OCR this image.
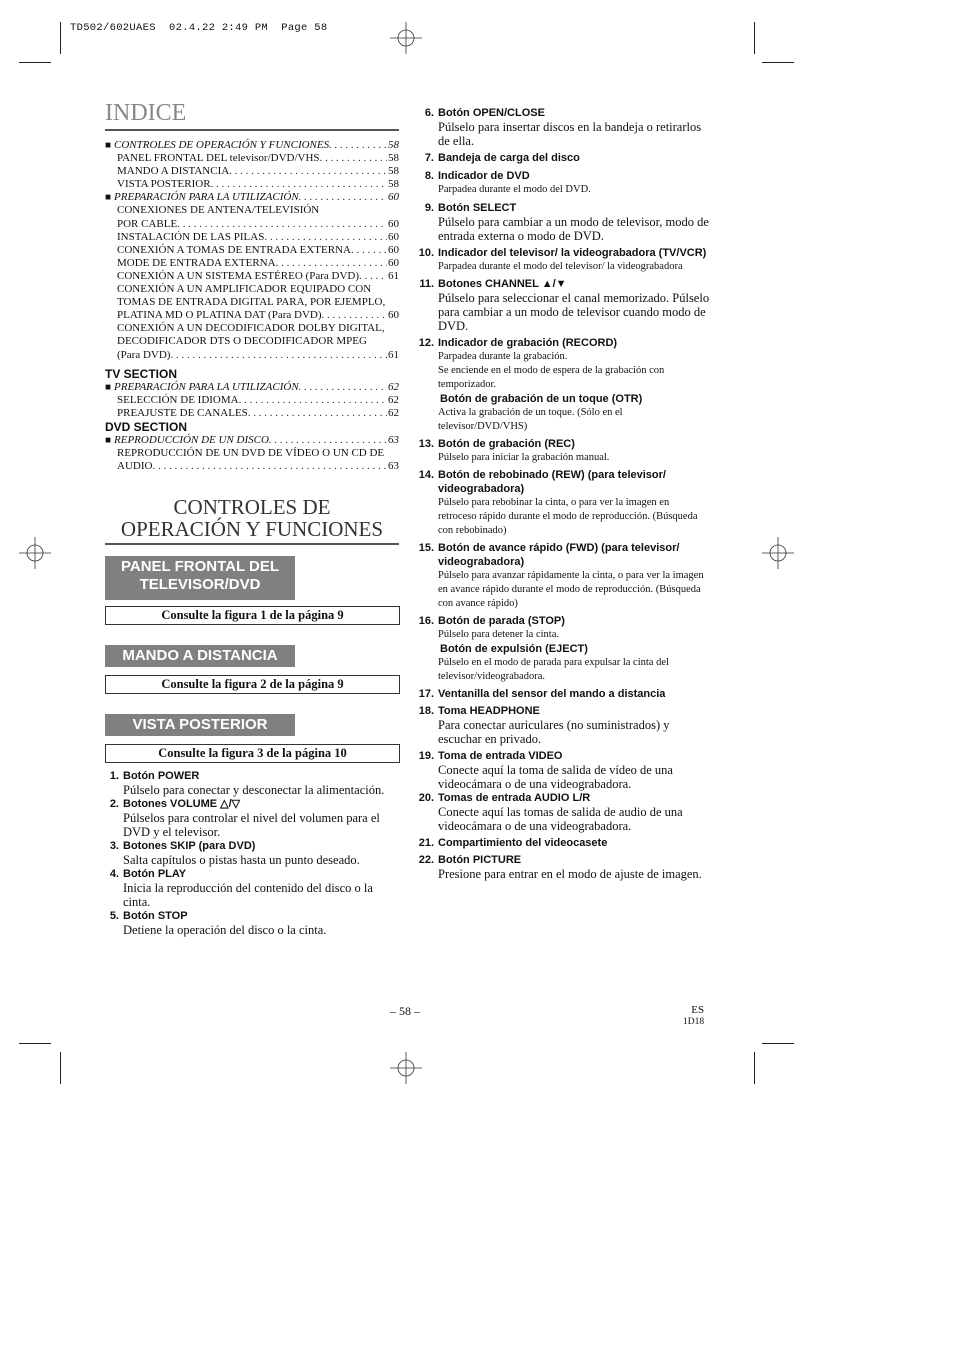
TD502/602UAES  02.4.22 2:49 PM  Page 58
INDICE
■ CONTROLES DE OPERACIÓN Y FUNCIONES . . .	58
PANEL FRONTAL DEL televisor/DVD/VHS . . .	58
MANDO A DISTANCIA . . .	58
VISTA POSTERIOR . . .	58
■ PREPARACIÓN PARA LA UTILIZACIÓN . . .	60
CONEXIONES DE ANTENA/TELEVISIÓN
POR CABLE . . .	60
INSTALACIÓN DE LAS PILAS . . .	60
CONEXIÓN A TOMAS DE ENTRADA EXTERNA . . .	60
MODE DE ENTRADA EXTERNA . . .	60
CONEXIÓN A UN SISTEMA ESTÉREO (Para DVD) . . .	61
CONEXIÓN A UN AMPLIFICADOR EQUIPADO CON
TOMAS DE ENTRADA DIGITAL PARA, POR EJEMPLO,
PLATINA MD O PLATINA DAT (Para DVD) . . .	60
CONEXIÓN A UN DECODIFICADOR DOLBY DIGITAL,
DECODIFICADOR DTS O DECODIFICADOR MPEG
(Para DVD) . . .	61
TV SECTION
■ PREPARACIÓN PARA LA UTILIZACIÓN . . .	62
SELECCIÓN DE IDIOMA . . .	62
PREAJUSTE DE CANALES . . .	62
DVD SECTION
■ REPRODUCCIÓN DE UN DISCO . . .	63
REPRODUCCIÓN DE UN DVD DE VÍDEO O UN CD DE
AUDIO . . .	63
CONTROLES DE
OPERACIÓN Y FUNCIONES
PANEL FRONTAL DEL
TELEVISOR/DVD
Consulte la figura 1 de la página 9
MANDO A DISTANCIA
Consulte la figura 2 de la página 9
VISTA POSTERIOR
Consulte la figura 3 de la página 10
1. Botón POWER
Púlselo para conectar y desconectar la alimentación.
2. Botones VOLUME △/▽
Púlselos para controlar el nivel del volumen para el DVD y el televisor.
3. Botones SKIP (para DVD)
Salta capítulos o pistas hasta un punto deseado.
4. Botón PLAY
Inicia la reproducción del contenido del disco o la cinta.
5. Botón STOP
Detiene la operación del disco o la cinta.
6. Botón OPEN/CLOSE
Púlselo para insertar discos en la bandeja o retirarlos de ella.
7. Bandeja de carga del disco
8. Indicador de DVD
Parpadea durante el modo del DVD.
9. Botón SELECT
Púlselo para cambiar a un modo de televisor, modo de entrada externa o modo de DVD.
10. Indicador del televisor/ la videograbadora (TV/VCR)
Parpadea durante el modo del televisor/ la videograbadora
11. Botones CHANNEL ▲/▼
Púlselo para seleccionar el canal memorizado. Púlselo para cambiar a un modo de televisor cuando modo de DVD.
12. Indicador de grabación (RECORD)
Parpadea durante la grabación.
Se enciende en el modo de espera de la grabación con temporizador.
Botón de grabación de un toque (OTR)
Activa la grabación de un toque. (Sólo en el televisor/DVD/VHS)
13. Botón de grabación (REC)
Púlselo para iniciar la grabación manual.
14. Botón de rebobinado (REW) (para televisor/ videograbadora)
Púlselo para rebobinar la cinta, o para ver la imagen en retroceso rápido durante el modo de reproducción. (Búsqueda con rebobinado)
15. Botón de avance rápido (FWD) (para televisor/ videograbadora)
Púlselo para avanzar rápidamente la cinta, o para ver la imagen en avance rápido durante el modo de reproducción. (Búsqueda con avance rápido)
16. Botón de parada (STOP)
Púlselo para detener la cinta.
Botón de expulsión (EJECT)
Púlselo en el modo de parada para expulsar la cinta del televisor/videograbadora.
17. Ventanilla del sensor del mando a distancia
18. Toma HEADPHONE
Para conectar auriculares (no suministrados) y escuchar en privado.
19. Toma de entrada VIDEO
Conecte aquí la toma de salida de vídeo de una videocámara o de una videograbadora.
20. Tomas de entrada AUDIO L/R
Conecte aquí las tomas de salida de audio de una videocámara o de una videograbadora.
21. Compartimiento del videocasete
22. Botón PICTURE
Presione para entrar en el modo de ajuste de imagen.
– 58 –	ES
1D18
